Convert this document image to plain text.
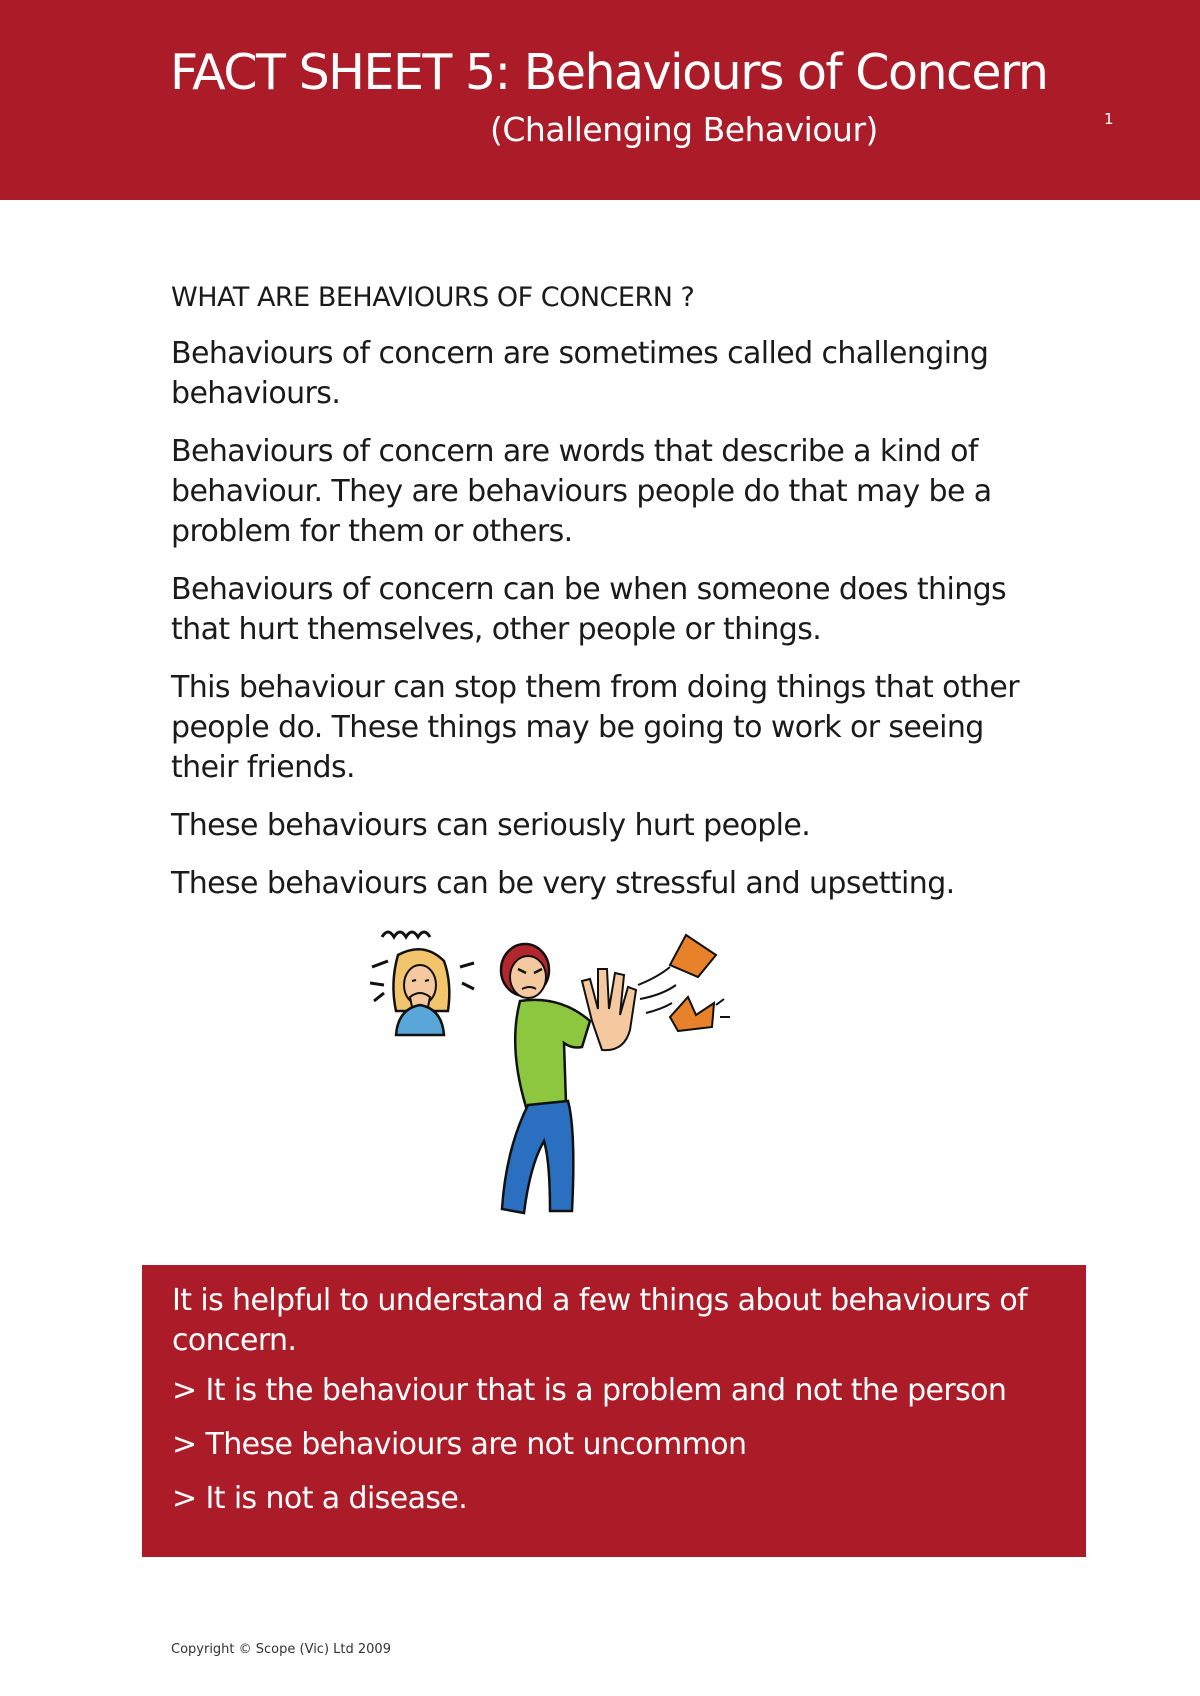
FACT SHEET 5: Behaviours of Concern
(Challenging Behaviour)	1
WHAT ARE BEHAVIOURS OF CONCERN ?

Behaviours of concern are sometimes called challenging behaviours.

Behaviours of concern are words that describe a kind of behaviour. They are behaviours people do that may be a problem for them or others.

Behaviours of concern can be when someone does things that hurt themselves, other people or things.

This behaviour can stop them from doing things that other people do. These things may be going to work or seeing their friends.

These behaviours can seriously hurt people.

These behaviours can be very stressful and upsetting.

It is helpful to understand a few things about behaviours of concern.

> It is the behaviour that is a problem and not the person
> These behaviours are not uncommon
> It is not a disease.
Copyright © Scope (Vic) Ltd 2009
